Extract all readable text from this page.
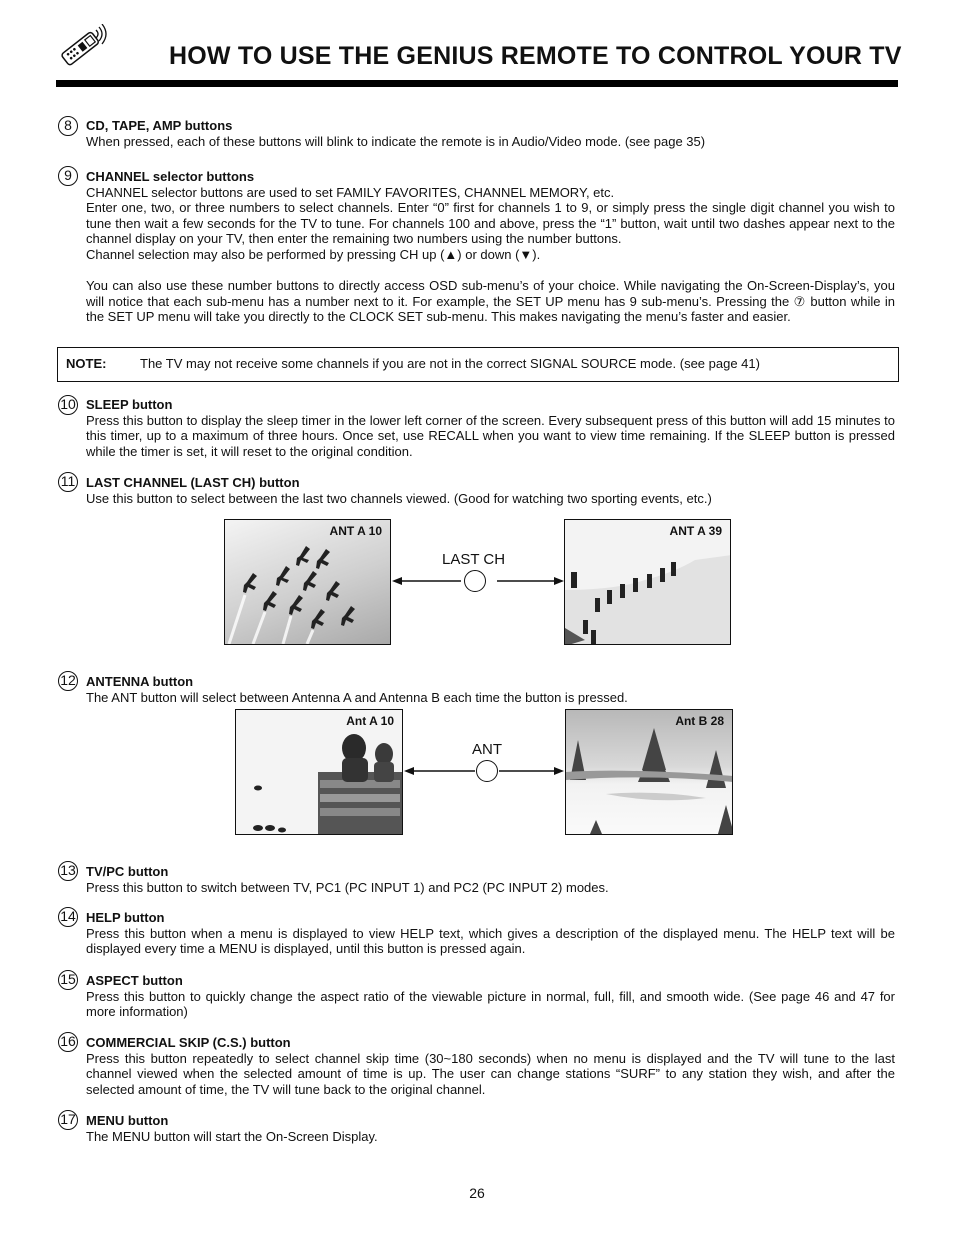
HOW TO USE THE GENIUS REMOTE TO CONTROL YOUR TV
8	CD, TAPE, AMP buttons

When pressed, each of these buttons will blink to indicate the remote is in Audio/Video mode. (see page 35)

9	CHANNEL selector buttons

CHANNEL selector buttons are used to set FAMILY FAVORITES, CHANNEL MEMORY, etc.

Enter one, two, or three numbers to select channels. Enter “0” first for channels 1 to 9, or simply press the single digit channel you wish to tune then wait a few seconds for the TV to tune. For channels 100 and above, press the “1” button, wait until two dashes appear next to the channel display on your TV, then enter the remaining two numbers using the number buttons.

Channel selection may also be performed by pressing CH up (▲) or down (▼).

You can also use these number buttons to directly access OSD sub-menu’s of your choice. While navigating the On-Screen-Display’s, you will notice that each sub-menu has a number next to it. For example, the SET UP menu has 9 sub-menu’s. Pressing the ⑦ button while in the SET UP menu will take you directly to the CLOCK SET sub-menu. This makes navigating the menu’s faster and easier.

NOTE:	The TV may not receive some channels if you are not in the correct SIGNAL SOURCE mode. (see page 41)
10 SLEEP button

Press this button to display the sleep timer in the lower left corner of the screen. Every subsequent press of this button will add 15 minutes to this timer, up to a maximum of three hours. Once set, use RECALL when you want to view time remaining. If the SLEEP button is pressed while the timer is set, it will reset to the original condition.

11 LAST CHANNEL (LAST CH) button

Use this button to select between the last two channels viewed. (Good for watching two sporting events, etc.)

ANT A 10
LAST CH
ANT A 39
12 ANTENNA button

The ANT button will select between Antenna A and Antenna B each time the button is pressed.

Ant A 10
ANT
Ant B 28
13 TV/PC button

Press this button to switch between TV, PC1 (PC INPUT 1) and PC2 (PC INPUT 2) modes.

14 HELP button

Press this button when a menu is displayed to view HELP text, which gives a description of the displayed menu. The HELP text will be displayed every time a MENU is displayed, until this button is pressed again.

15 ASPECT button

Press this button to quickly change the aspect ratio of the viewable picture in normal, full, fill, and smooth wide. (See page 46 and 47 for more information)

16 COMMERCIAL SKIP (C.S.) button

Press this button repeatedly to select channel skip time (30~180 seconds) when no menu is displayed and the TV will tune to the last channel viewed when the selected amount of time is up. The user can change stations “SURF” to any station they wish, and after the selected amount of time, the TV will tune back to the original channel.

17 MENU button

The MENU button will start the On-Screen Display.

26
